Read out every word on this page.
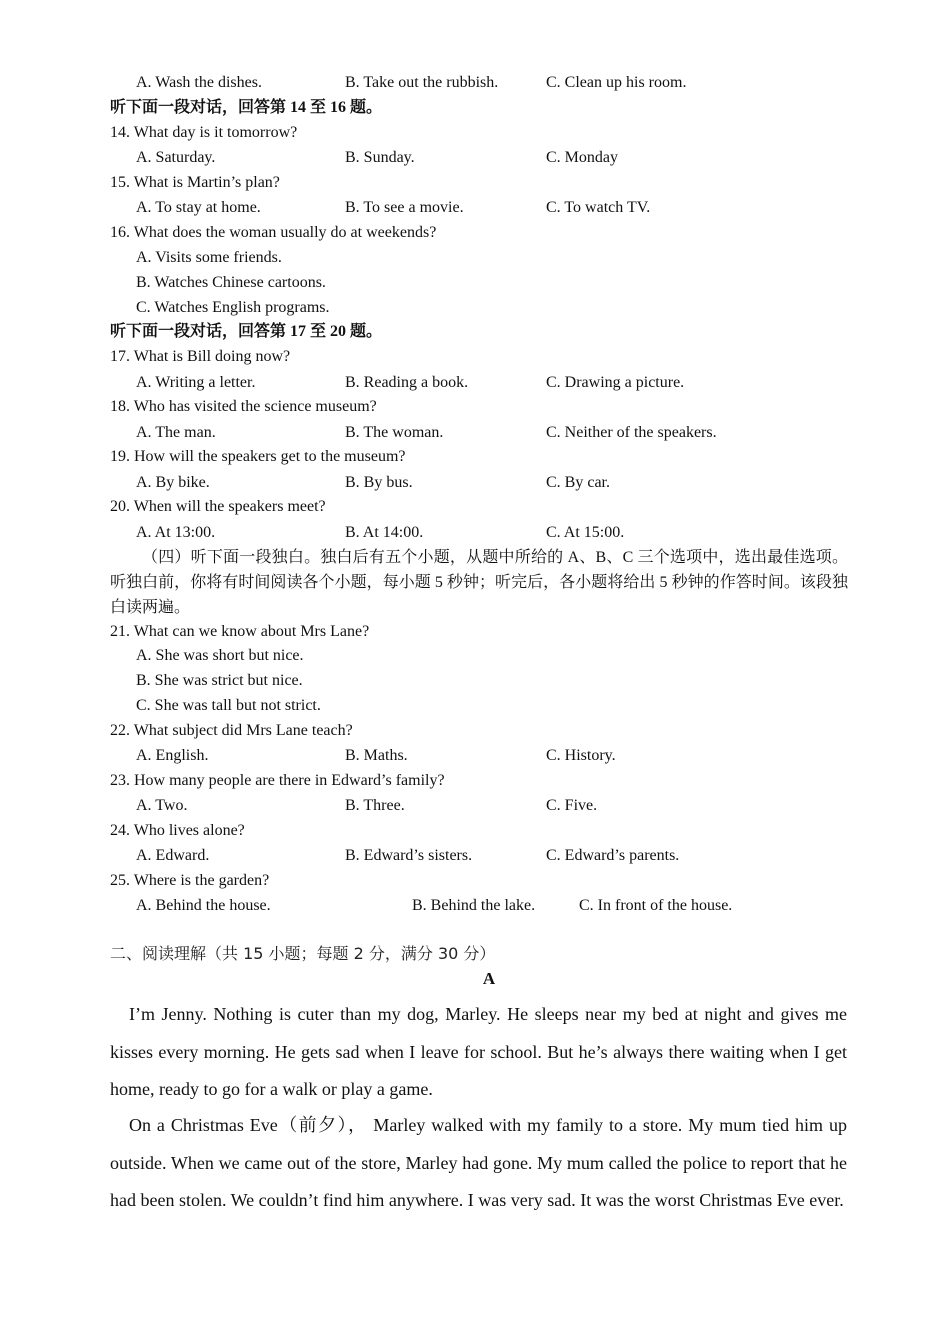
A. Wash the dishes.	B. Take out the rubbish.	C. Clean up his room.
听下面一段对话，回答第 14 至 16 题。
14. What day is it tomorrow?
A. Saturday.	B. Sunday.	C. Monday
15. What is Martin’s plan?
A. To stay at home.	B. To see a movie.	C. To watch TV.
16. What does the woman usually do at weekends?
A. Visits some friends.
B. Watches Chinese cartoons.
C. Watches English programs.
听下面一段对话，回答第 17 至 20 题。
17. What is Bill doing now?
A. Writing a letter.	B. Reading a book.	C. Drawing a picture.
18. Who has visited the science museum?
A. The man.	B. The woman.	C. Neither of the speakers.
19. How will the speakers get to the museum?
A. By bike.	B. By bus.	C. By car.
20. When will the speakers meet?
A. At 13:00.	B. At 14:00.	C. At 15:00.
（四）听下面一段独白。独白后有五个小题，从题中所给的 A、B、C 三个选项中，选出最佳选项。听独白前，你将有时间阅读各个小题，每小题 5 秒钟；听完后，各小题将给出 5 秒钟的作答时间。该段独白读两遍。
21. What can we know about Mrs Lane?
A. She was short but nice.
B. She was strict but nice.
C. She was tall but not strict.
22. What subject did Mrs Lane teach?
A. English.	B. Maths.	C. History.
23. How many people are there in Edward’s family?
A. Two.	B. Three.	C. Five.
24. Who lives alone?
A. Edward.	B. Edward’s sisters.	C. Edward’s parents.
25. Where is the garden?
A. Behind the house.	B. Behind the lake.	C. In front of the house.
二、阅读理解（共 15 小题；每题 2 分，满分 30 分）
A
I’m Jenny. Nothing is cuter than my dog, Marley. He sleeps near my bed at night and gives me kisses every morning. He gets sad when I leave for school. But he’s always there waiting when I get home, ready to go for a walk or play a game.
On a Christmas Eve（前夕）， Marley walked with my family to a store. My mum tied him up outside. When we came out of the store, Marley had gone. My mum called the police to report that he had been stolen. We couldn’t find him anywhere. I was very sad. It was the worst Christmas Eve ever.
